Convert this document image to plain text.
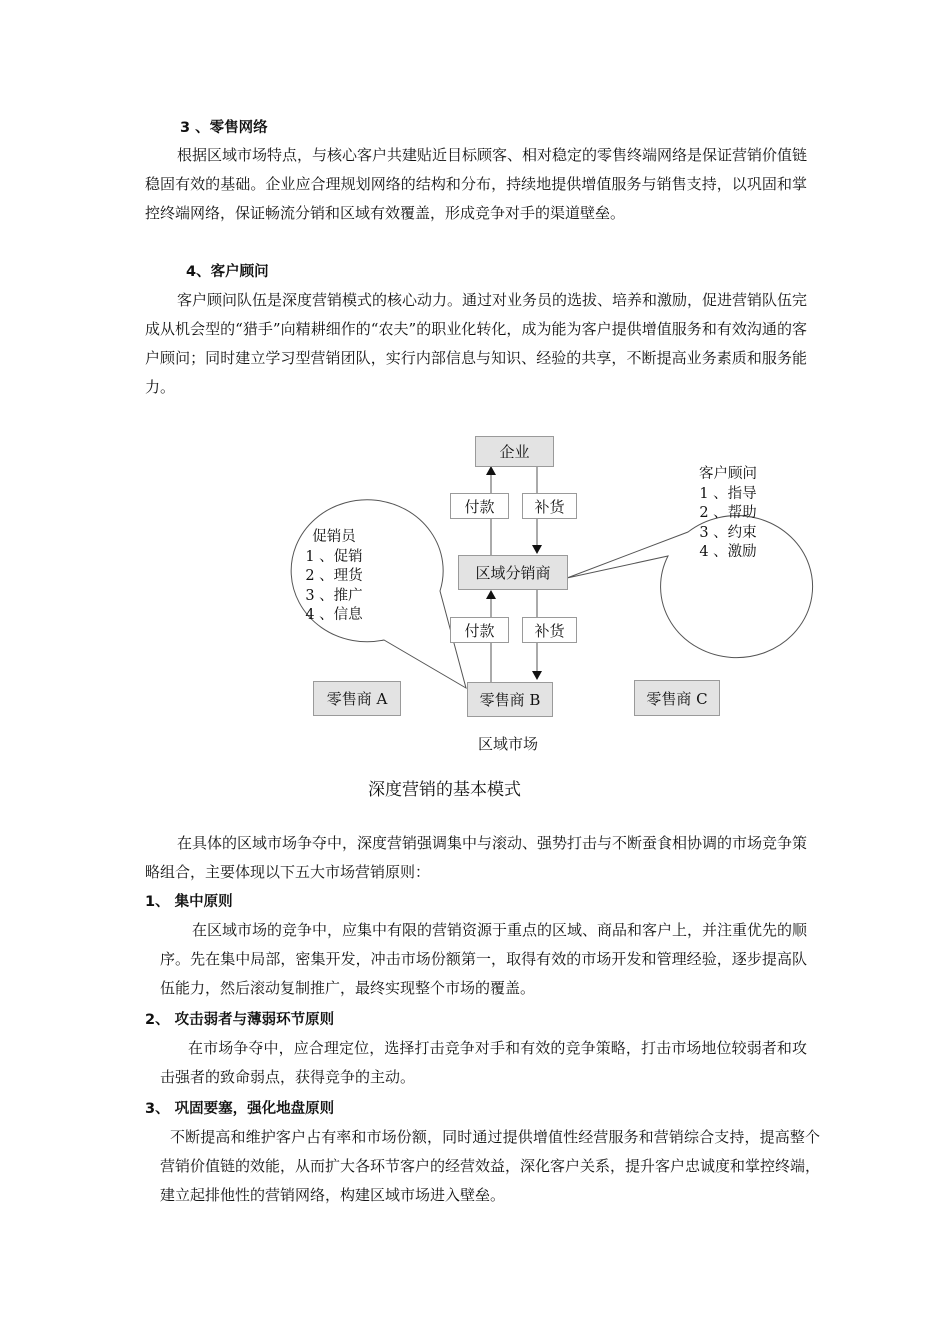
3 、零售网络
根据区域市场特点，与核心客户共建贴近目标顾客、相对稳定的零售终端网络是保证营销价值链稳固有效的基础。企业应合理规划网络的结构和分布，持续地提供增值服务与销售支持，以巩固和掌控终端网络，保证畅流分销和区域有效覆盖，形成竞争对手的渠道壁垒。
4、客户顾问
客户顾问队伍是深度营销模式的核心动力。通过对业务员的选拔、培养和激励，促进营销队伍完成从机会型的“猎手”向精耕细作的“农夫”的职业化转化，成为能为客户提供增值服务和有效沟通的客户顾问；同时建立学习型营销团队，实行内部信息与知识、经验的共享，不断提高业务素质和服务能力。
企业
付款	补货
区域分销商
付款	补货
零售商 A	零售商 B	零售商 C
区域市场
促销员
1 、促销
2 、理货
3 、推广
4 、信息
客户顾问
1 、指导
2 、帮助
3 、约束
4 、激励
深度营销的基本模式
在具体的区域市场争夺中，深度营销强调集中与滚动、强势打击与不断蚕食相协调的市场竞争策略组合，主要体现以下五大市场营销原则：
1、 集中原则
在区域市场的竞争中，应集中有限的营销资源于重点的区域、商品和客户上，并注重优先的顺序。先在集中局部，密集开发，冲击市场份额第一，取得有效的市场开发和管理经验，逐步提高队伍能力，然后滚动复制推广，最终实现整个市场的覆盖。
2、 攻击弱者与薄弱环节原则
在市场争夺中，应合理定位，选择打击竞争对手和有效的竞争策略，打击市场地位较弱者和攻击强者的致命弱点，获得竞争的主动。
3、 巩固要塞，强化地盘原则
不断提高和维护客户占有率和市场份额，同时通过提供增值性经营服务和营销综合支持，提高整个营销价值链的效能，从而扩大各环节客户的经营效益，深化客户关系，提升客户忠诚度和掌控终端，建立起排他性的营销网络，构建区域市场进入壁垒。
